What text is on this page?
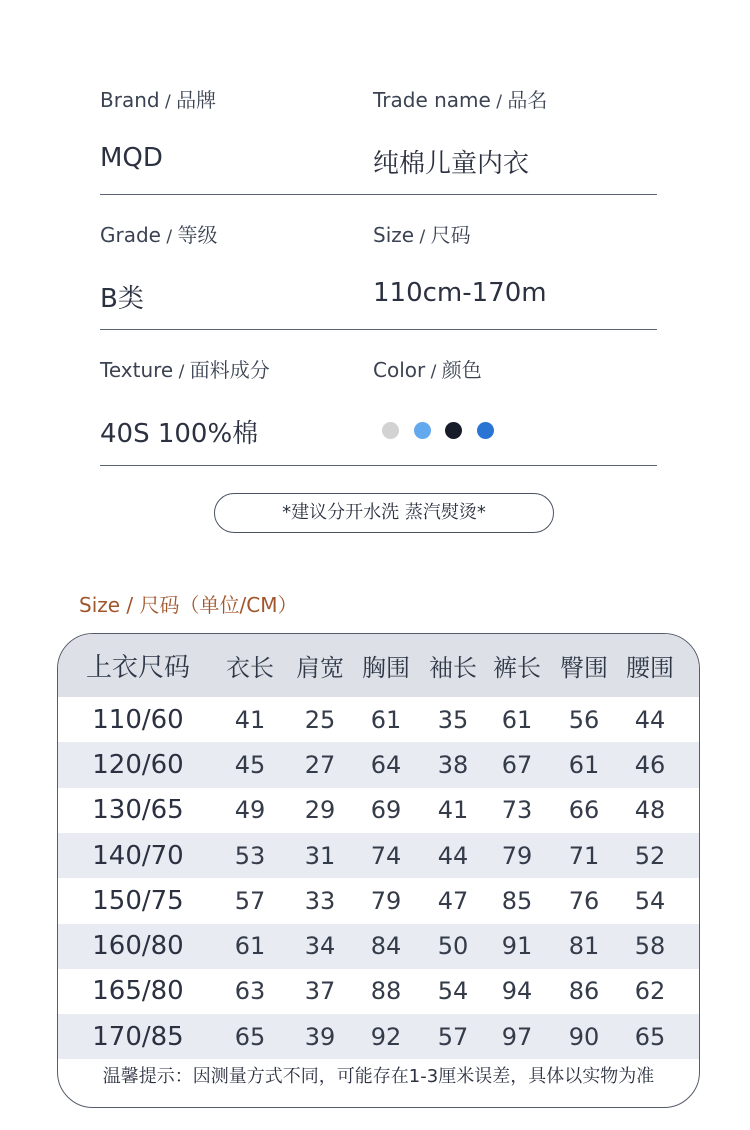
Brand / 品牌
MQD
Trade name / 品名
纯棉儿童内衣
Grade / 等级
B类
Size / 尺码
110cm-170m
Texture / 面料成分
40S 100%棉
Color / 颜色
*建议分开水洗 蒸汽熨烫*
Size / 尺码（单位/CM）
温馨提示：因测量方式不同，可能存在1-3厘米误差，具体以实物为准
上衣尺码	衣长 肩宽 胸围 袖长 裤长 臀围 腰围
110/60	41	25	61	35	61	56	44
120/60	45	27	64	38	67	61	46
130/65	49	29	69	41	73	66	48
140/70	53	31	74	44	79	71	52
150/75	57	33	79	47	85	76	54
160/80	61	34	84	50	91	81	58
165/80	63	37	88	54	94	86	62
170/85	65	39	92	57	97	90	65
